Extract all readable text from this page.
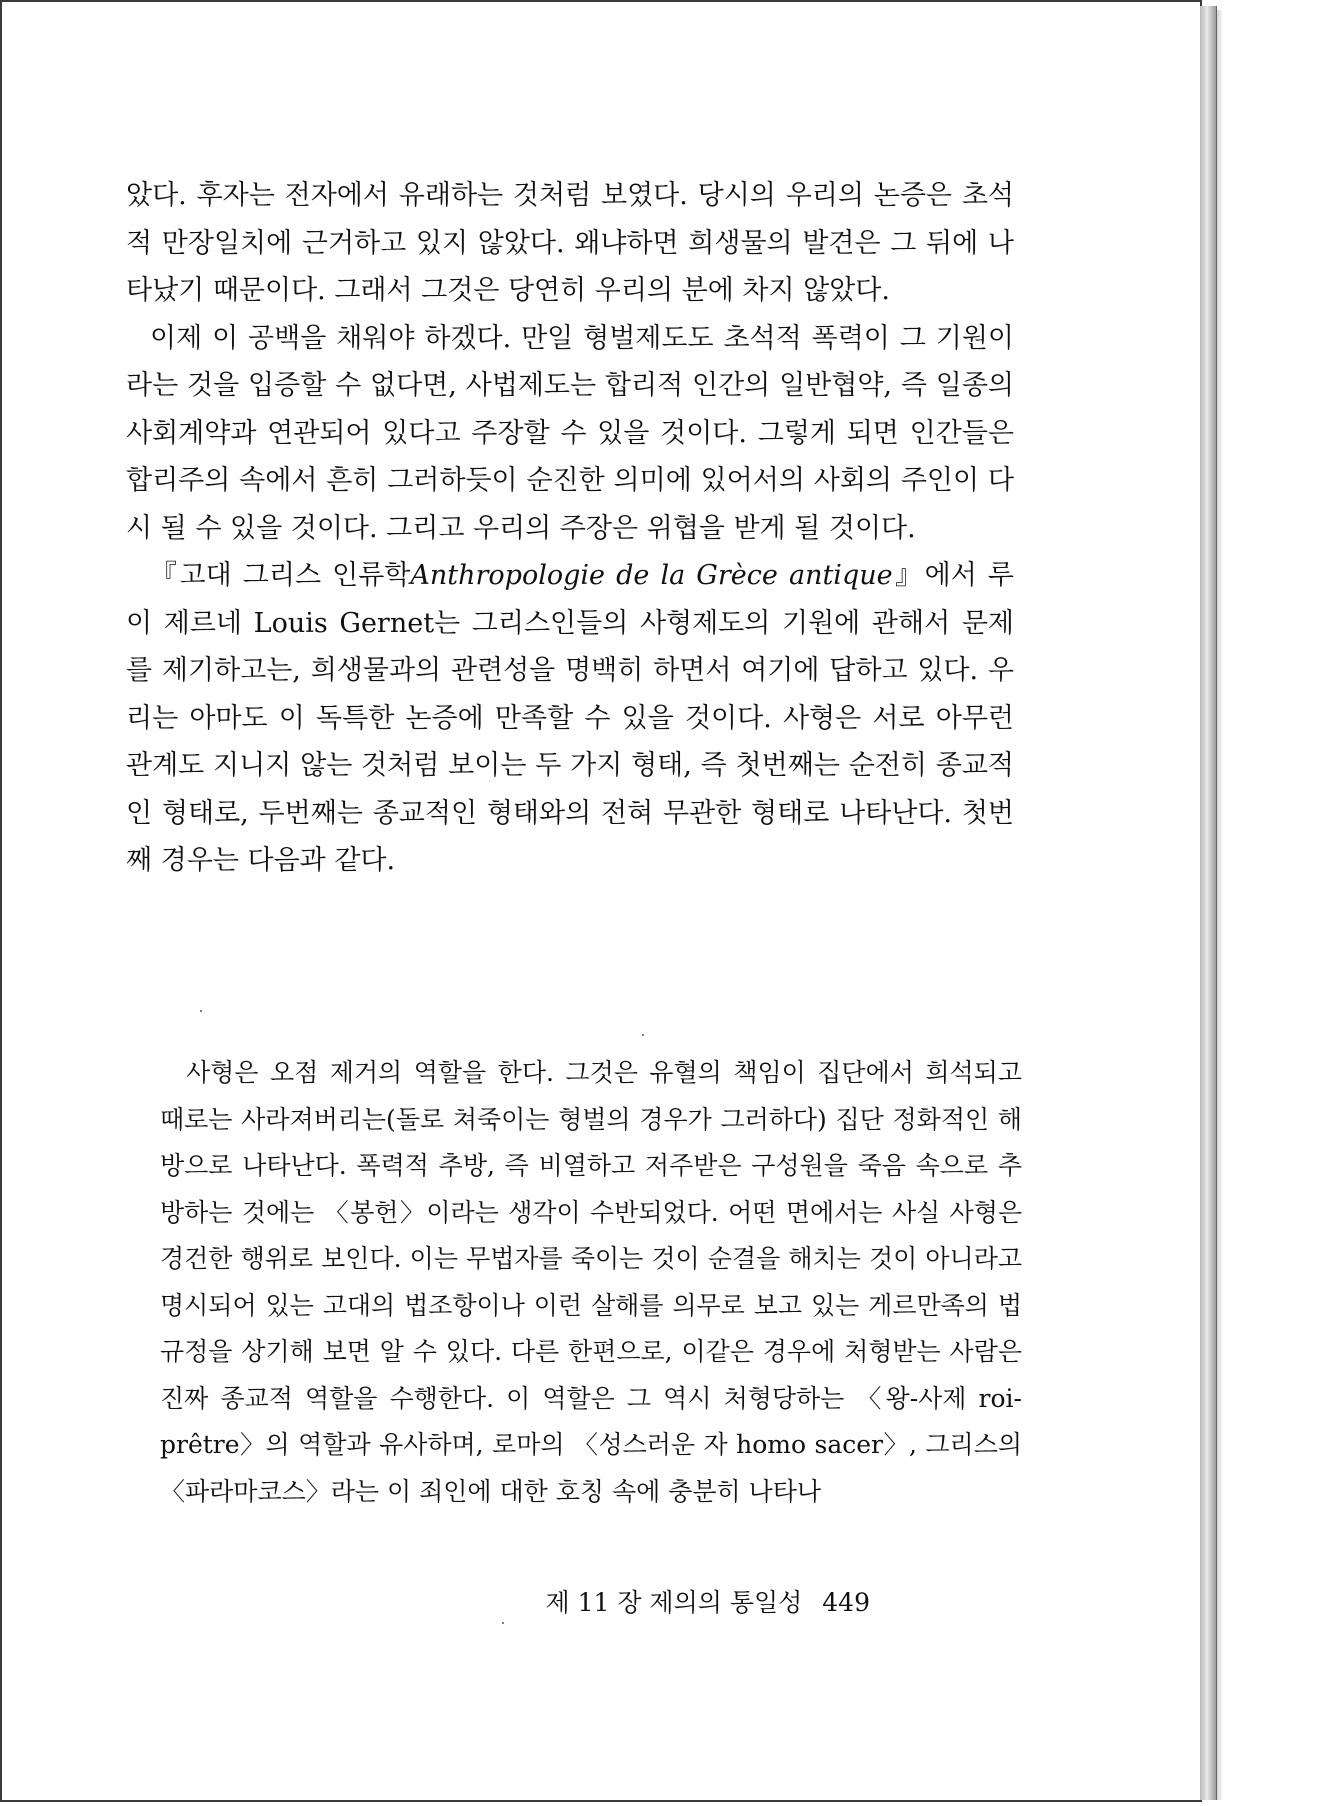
았다. 후자는 전자에서 유래하는 것처럼 보였다. 당시의 우리의 논증은 초석적 만장일치에 근거하고 있지 않았다. 왜냐하면 희생물의 발견은 그 뒤에 나타났기 때문이다. 그래서 그것은 당연히 우리의 분에 차지 않았다.

이제 이 공백을 채워야 하겠다. 만일 형벌제도도 초석적 폭력이 그 기원이라는 것을 입증할 수 없다면, 사법제도는 합리적 인간의 일반협약, 즉 일종의 사회계약과 연관되어 있다고 주장할 수 있을 것이다. 그렇게 되면 인간들은 합리주의 속에서 흔히 그러하듯이 순진한 의미에 있어서의 사회의 주인이 다시 될 수 있을 것이다. 그리고 우리의 주장은 위협을 받게 될 것이다.

『고대 그리스 인류학Anthropologie de la Grèce antique』에서 루이 제르네 Louis Gernet는 그리스인들의 사형제도의 기원에 관해서 문제를 제기하고는, 희생물과의 관련성을 명백히 하면서 여기에 답하고 있다. 우리는 아마도 이 독특한 논증에 만족할 수 있을 것이다. 사형은 서로 아무런 관계도 지니지 않는 것처럼 보이는 두 가지 형태, 즉 첫번째는 순전히 종교적인 형태로, 두번째는 종교적인 형태와의 전혀 무관한 형태로 나타난다. 첫번째 경우는 다음과 같다.

사형은 오점 제거의 역할을 한다. 그것은 유혈의 책임이 집단에서 희석되고 때로는 사라져버리는(돌로 쳐죽이는 형벌의 경우가 그러하다) 집단 정화적인 해방으로 나타난다. 폭력적 추방, 즉 비열하고 저주받은 구성원을 죽음 속으로 추방하는 것에는 〈봉헌〉이라는 생각이 수반되었다. 어떤 면에서는 사실 사형은 경건한 행위로 보인다. 이는 무법자를 죽이는 것이 순결을 해치는 것이 아니라고 명시되어 있는 고대의 법조항이나 이런 살해를 의무로 보고 있는 게르만족의 법규정을 상기해 보면 알 수 있다. 다른 한편으로, 이같은 경우에 처형받는 사람은 진짜 종교적 역할을 수행한다. 이 역할은 그 역시 처형당하는 〈왕-사제 roi-prêtre〉의 역할과 유사하며, 로마의 〈성스러운 자 homo sacer〉, 그리스의 〈파라마코스〉라는 이 죄인에 대한 호칭 속에 충분히 나타나

제 11 장 제의의 통일성 449
